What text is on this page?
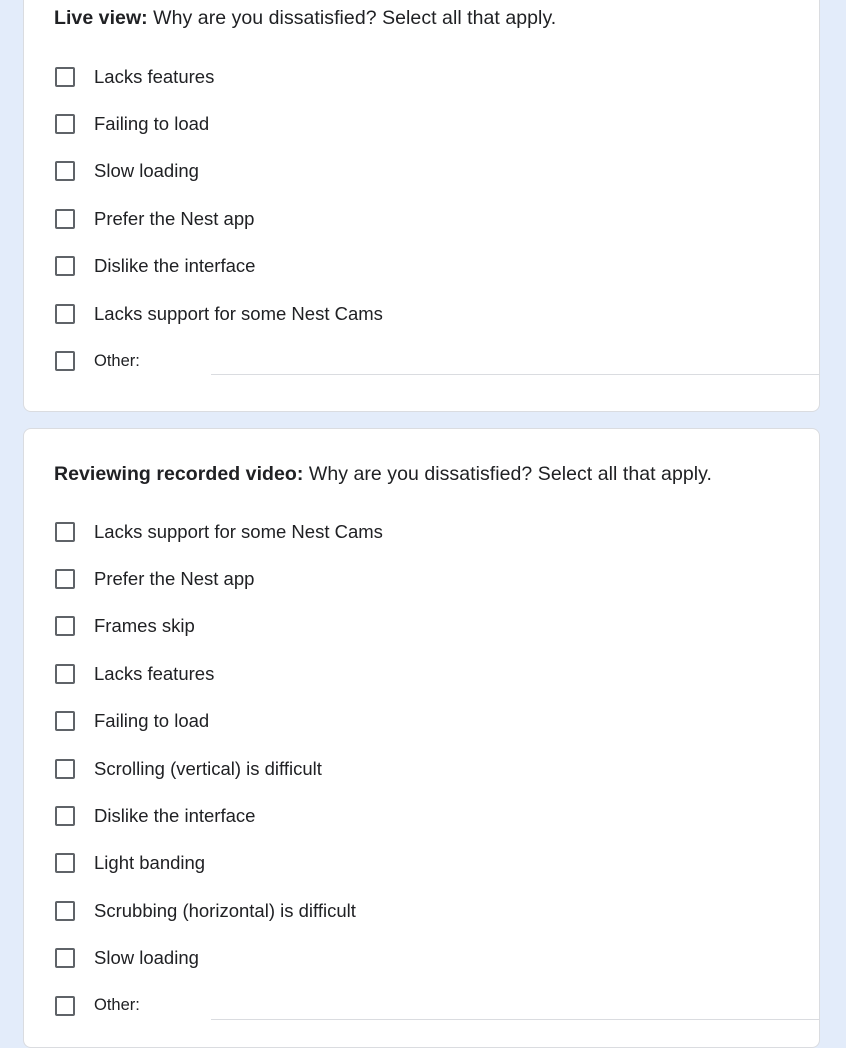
Live view: Why are you dissatisfied? Select all that apply.
Lacks features
Failing to load
Slow loading
Prefer the Nest app
Dislike the interface
Lacks support for some Nest Cams
Other:
Reviewing recorded video: Why are you dissatisfied? Select all that apply.
Lacks support for some Nest Cams
Prefer the Nest app
Frames skip
Lacks features
Failing to load
Scrolling (vertical) is difficult
Dislike the interface
Light banding
Scrubbing (horizontal) is difficult
Slow loading
Other:
